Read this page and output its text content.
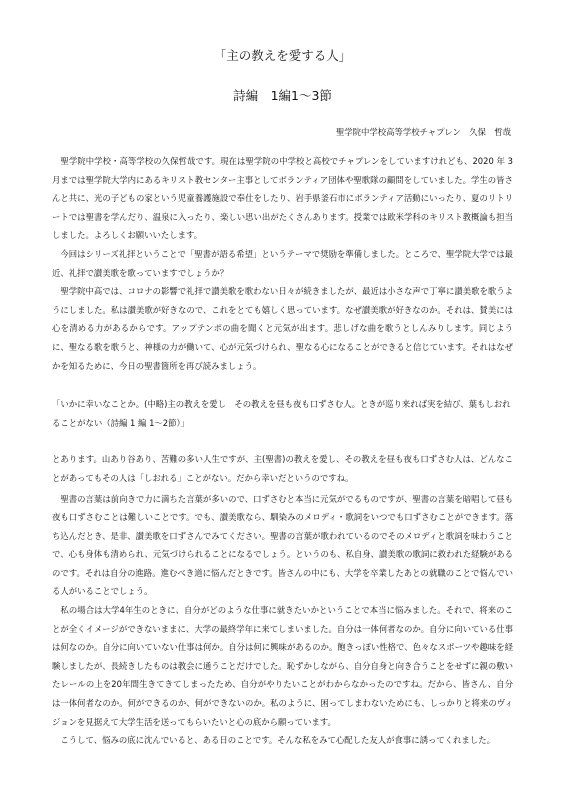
「主の教えを愛する人」
詩編　1編1～3節
聖学院中学校高等学校チャプレン　久保　哲哉

聖学院中学校・高等学校の久保哲哉です。現在は聖学院の中学校と高校でチャプレンをしていますけれども、2020 年 3 月までは聖学院大学内にあるキリスト教センター主事としてボランティア団体や聖歌隊の顧問をしていました。学生の皆さんと共に、光の子どもの家という児童養護施設で奉仕をしたり、岩手県釜石市にボランティア活動にいったり、夏のリトリートでは聖書を学んだり、温泉に入ったり、楽しい思い出がたくさんあります。授業では欧米学科のキリスト教概論も担当しました。よろしくお願いいたします。

今回はシリーズ礼拝ということで「聖書が語る希望」というテーマで奨励を準備しました。ところで、聖学院大学では最近、礼拝で讃美歌を歌っていますでしょうか？

聖学院中高では、コロナの影響で礼拝で讃美歌を歌わない日々が続きましたが、最近は小さな声で丁寧に讃美歌を歌うようにしました。私は讃美歌が好きなので、これをとても嬉しく思っています。なぜ讃美歌が好きなのか。それは、賛美には心を清める力があるからです。アップテンポの曲を聞くと元気が出ます。悲しげな曲を歌うとしんみりします。同じように、聖なる歌を歌うと、神様の力が働いて、心が元気づけられ、聖なる心になることができると信じています。それはなぜかを知るために、今日の聖書箇所を再び読みましょう。

「いかに幸いなことか。(中略)主の教えを愛し　その教えを昼も夜も口ずさむ人。ときが巡り来れば実を結び、葉もしおれることがない（詩編 1 編 1～2節）」

とあります。山あり谷あり、苦難の多い人生ですが、主(聖書)の教えを愛し、その教えを昼も夜も口ずさむ人は、どんなことがあってもその人は「しおれる」ことがない。だから幸いだというのですね。

聖書の言葉は前向きで力に満ちた言葉が多いので、口ずさむと本当に元気がでるものですが、聖書の言葉を暗唱して昼も夜も口ずさむことは難しいことです。でも、讃美歌なら、馴染みのメロディ・歌詞をいつでも口ずさむことができます。落ち込んだとき、是非、讃美歌を口ずさんでみてください。聖書の言葉が歌われているのでそのメロディと歌詞を味わうことで、心も身体も清められ、元気づけられることになるでしょう。というのも、私自身、讃美歌の歌詞に救われた経験があるのです。それは自分の進路。進むべき道に悩んだときです。皆さんの中にも、大学を卒業したあとの就職のことで悩んでいる人がいることでしょう。

私の場合は大学4年生のときに、自分がどのような仕事に就きたいかということで本当に悩みました。それで、将来のことが全くイメージができないままに、大学の最終学年に来てしまいました。自分は一体何者なのか。自分に向いている仕事は何なのか。自分に向いていない仕事は何か。自分は何に興味があるのか。飽きっぽい性格で、色々なスポーツや趣味を経験しましたが、長続きしたものは教会に通うことだけでした。恥ずかしながら、自分自身と向き合うことをせずに親の敷いたレールの上を20年間生きてきてしまったため、自分がやりたいことがわからなかったのですね。だから、皆さん、自分は一体何者なのか。何ができるのか、何ができないのか。私のように、困ってしまわないためにも、しっかりと将来のヴィジョンを見据えて大学生活を送ってもらいたいと心の底から願っています。

こうして、悩みの底に沈んでいると、ある日のことです。そんな私をみて心配した友人が食事に誘ってくれました。
